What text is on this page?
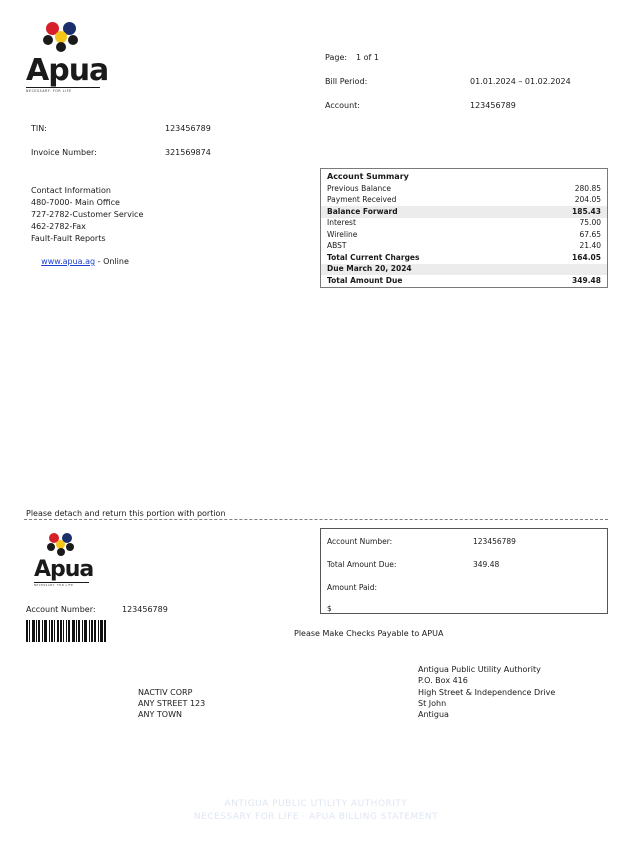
Apua
NECESSARY. FOR LIFE
Page: 1 of 1
Bill Period:	01.01.2024 – 01.02.2024
Account:	123456789
TIN:	123456789
Invoice Number:	321569874
Contact Information
480-7000- Main Office
727-2782-Customer Service
462-2782-Fax
Fault-Fault Reports

www.apua.ag - Online

Account Summary
Previous Balance	280.85
Payment Received	204.05
Balance Forward	185.43
Interest	75.00
Wireline	67.65
ABST	21.40
Total Current Charges	164.05
Due March 20, 2024
Total Amount Due	349.48
Please detach and return this portion with portion
Apua
NECESSARY. FOR LIFE
Account Number:	123456789
Account Number:	123456789
Total Amount Due:	349.48
Amount Paid:
$
Please Make Checks Payable to APUA
NACTIV CORP
ANY STREET 123
ANY TOWN
Antigua Public Utility Authority
P.O. Box 416
High Street & Independence Drive
St John
Antigua
ANTIGUA PUBLIC UTILITY AUTHORITY
NECESSARY FOR LIFE · APUA BILLING STATEMENT
